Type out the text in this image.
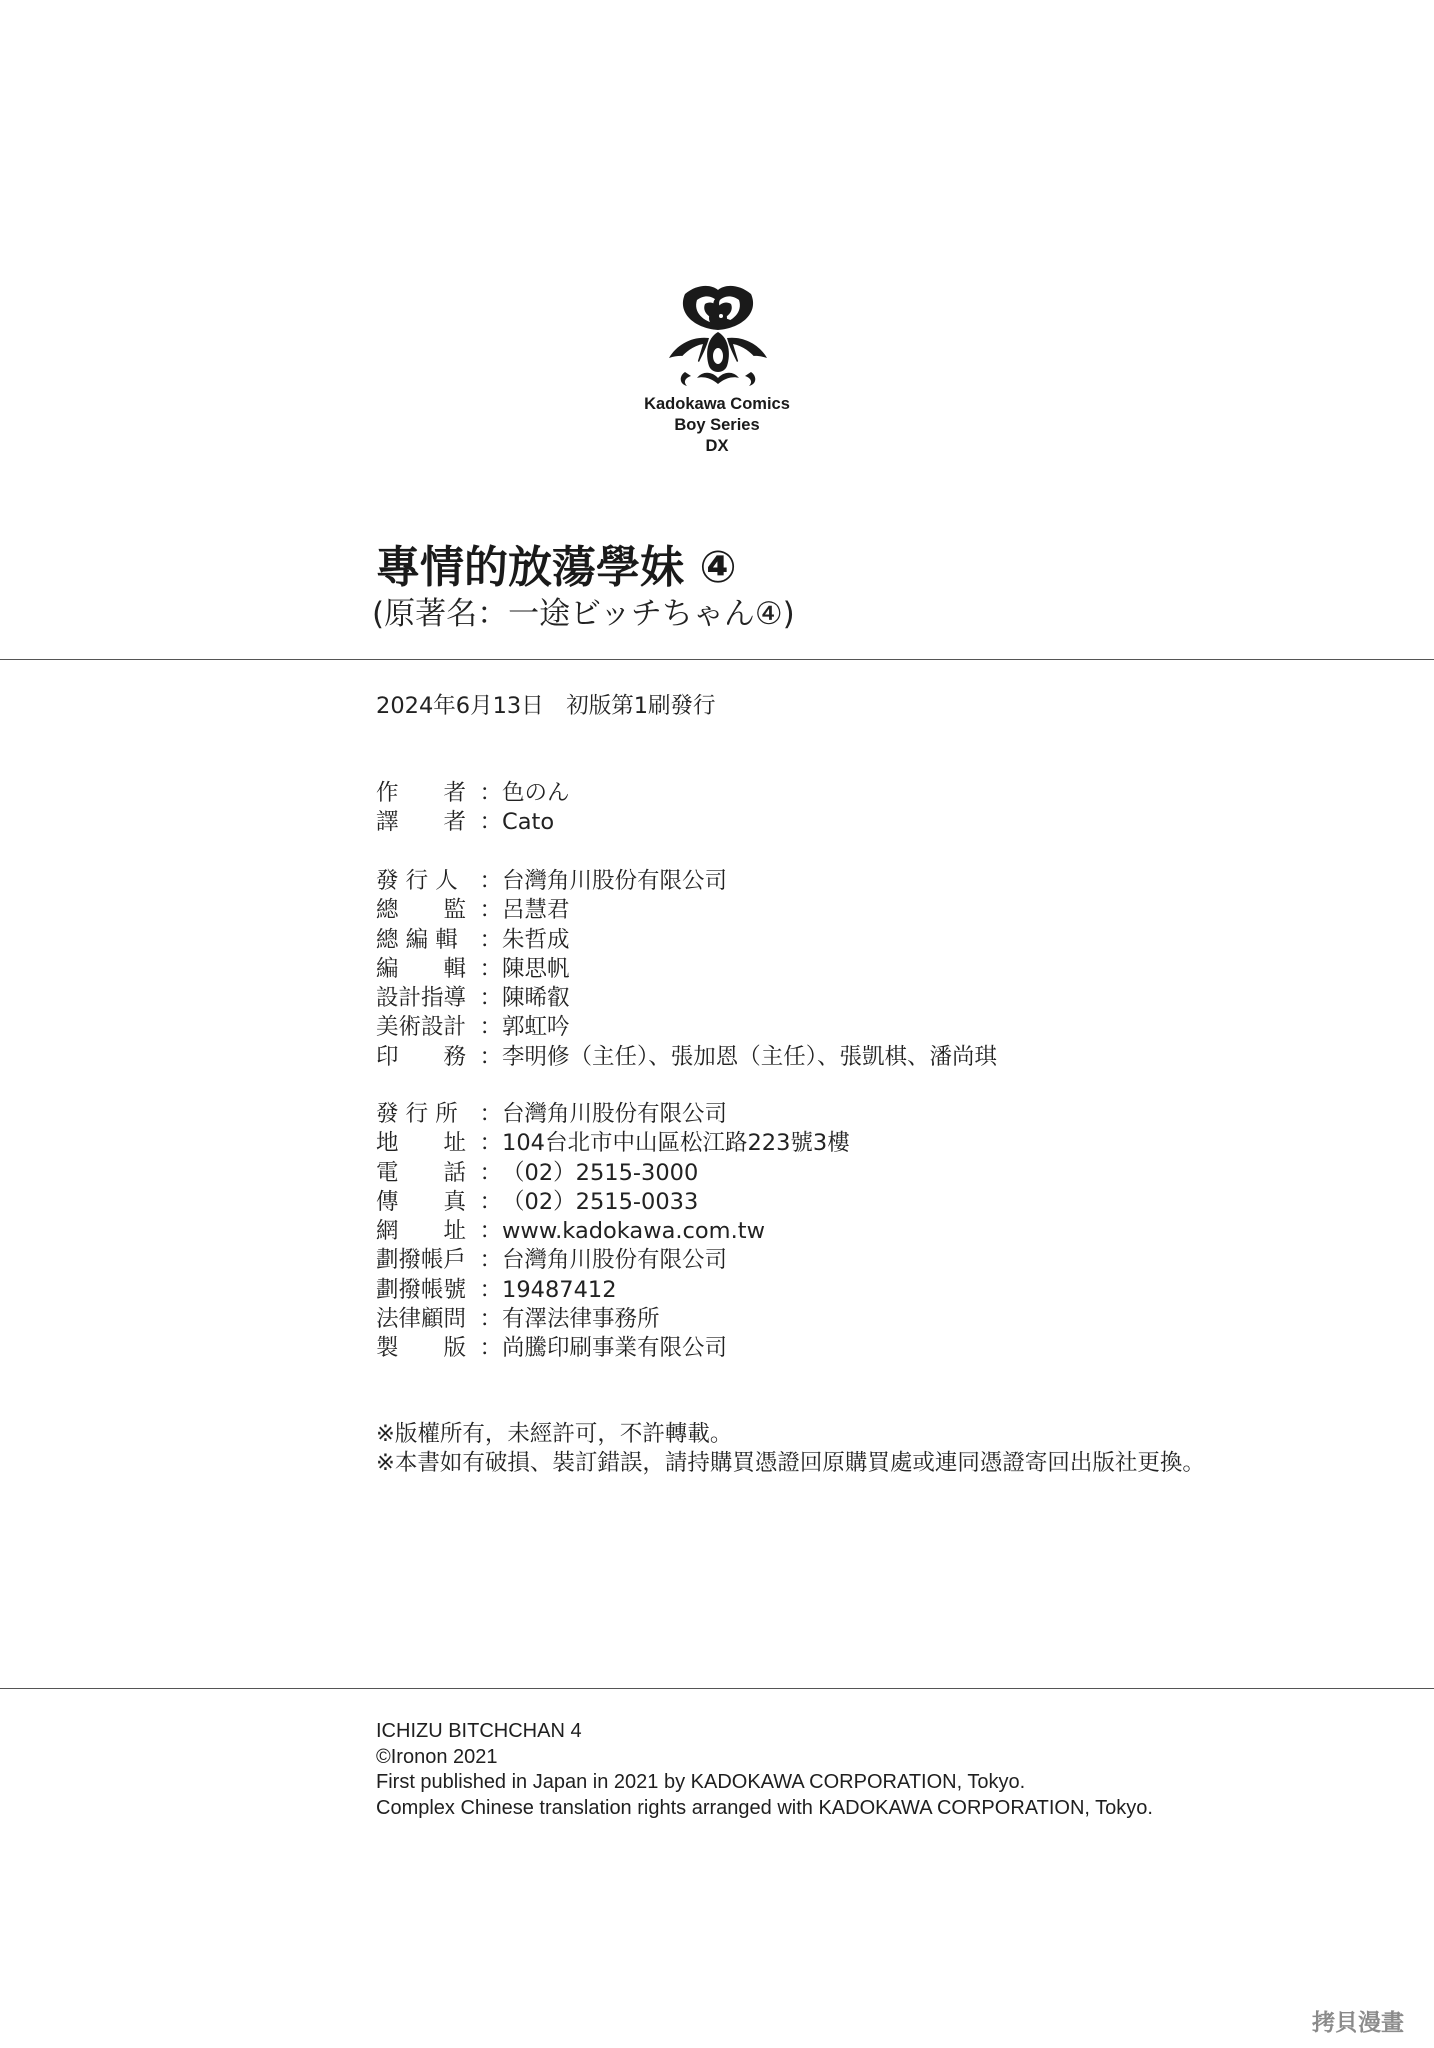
Kadokawa Comics
Boy Series
DX
專情的放蕩學妹 ④
(原著名：一途ビッチちゃん④)
2024年6月13日　初版第1刷發行
作　　者 ： 色のん
譯　　者 ： Cato
發 行 人 ： 台灣角川股份有限公司
總　　監 ： 呂慧君
總 編 輯 ： 朱哲成
編　　輯 ： 陳思帆
設計指導 ： 陳晞叡
美術設計 ： 郭虹吟
印　　務 ： 李明修（主任）、張加恩（主任）、張凱棋、潘尚琪
發 行 所 ： 台灣角川股份有限公司
地　　址 ： 104台北市中山區松江路223號3樓
電　　話 ： （02）2515-3000
傳　　真 ： （02）2515-0033
網　　址 ： www.kadokawa.com.tw
劃撥帳戶 ： 台灣角川股份有限公司
劃撥帳號 ： 19487412
法律顧問 ： 有澤法律事務所
製　　版 ： 尚騰印刷事業有限公司
※版權所有，未經許可，不許轉載。
※本書如有破損、裝訂錯誤，請持購買憑證回原購買處或連同憑證寄回出版社更換。
ICHIZU BITCHCHAN 4
©Ironon 2021
First published in Japan in 2021 by KADOKAWA CORPORATION, Tokyo.
Complex Chinese translation rights arranged with KADOKAWA CORPORATION, Tokyo.
拷貝漫畫
